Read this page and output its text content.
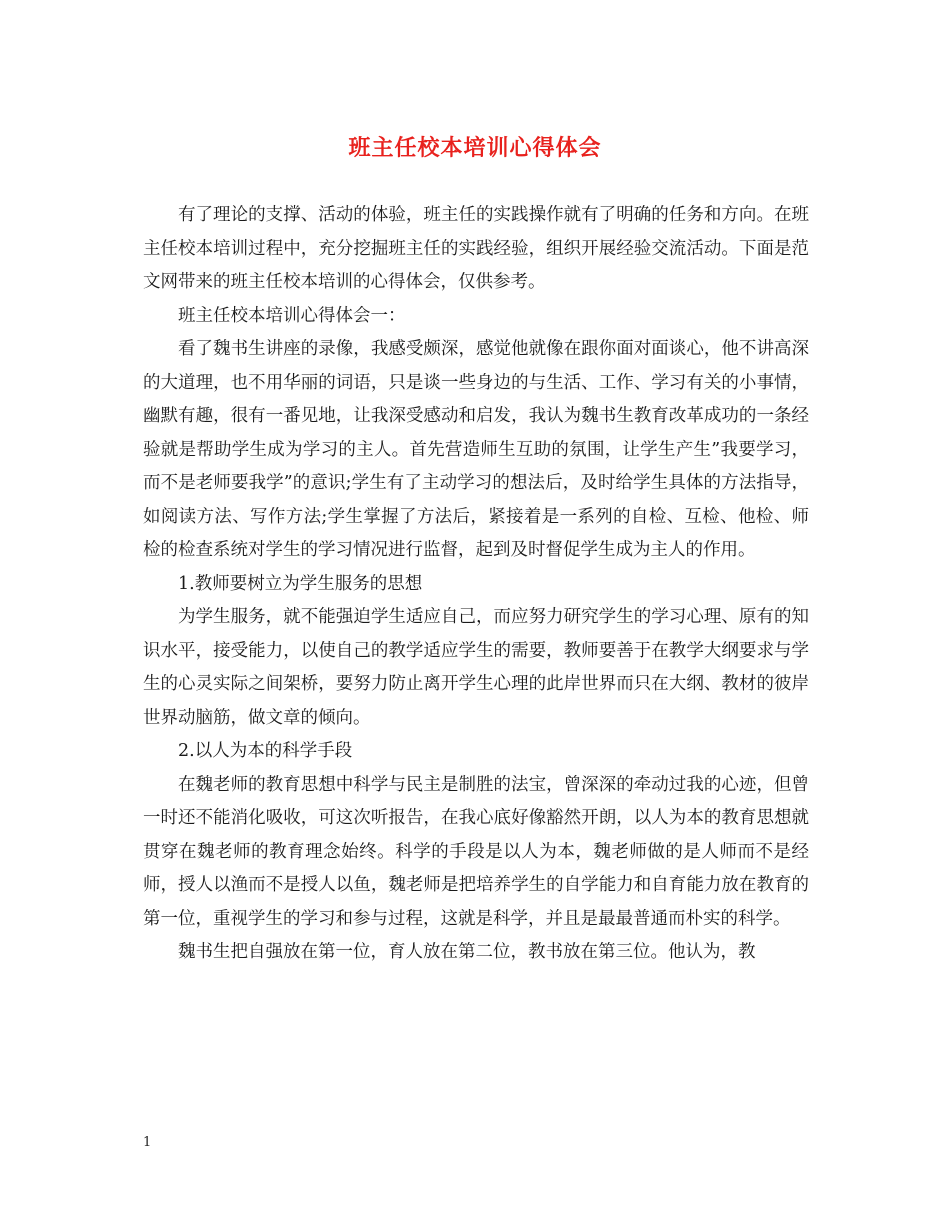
班主任校本培训心得体会

有了理论的支撑、活动的体验，班主任的实践操作就有了明确的任务和方向。在班主任校本培训过程中，充分挖掘班主任的实践经验，组织开展经验交流活动。下面是范文网带来的班主任校本培训的心得体会，仅供参考。

班主任校本培训心得体会一：

看了魏书生讲座的录像，我感受颇深，感觉他就像在跟你面对面谈心，他不讲高深的大道理，也不用华丽的词语，只是谈一些身边的与生活、工作、学习有关的小事情，幽默有趣，很有一番见地，让我深受感动和启发，我认为魏书生教育改革成功的一条经验就是帮助学生成为学习的主人。首先营造师生互助的氛围，让学生产生”我要学习，而不是老师要我学”的意识;学生有了主动学习的想法后，及时给学生具体的方法指导，如阅读方法、写作方法;学生掌握了方法后，紧接着是一系列的自检、互检、他检、师检的检查系统对学生的学习情况进行监督，起到及时督促学生成为主人的作用。

1.教师要树立为学生服务的思想

为学生服务，就不能强迫学生适应自己，而应努力研究学生的学习心理、原有的知识水平，接受能力，以使自己的教学适应学生的需要，教师要善于在教学大纲要求与学生的心灵实际之间架桥，要努力防止离开学生心理的此岸世界而只在大纲、教材的彼岸世界动脑筋，做文章的倾向。

2.以人为本的科学手段

在魏老师的教育思想中科学与民主是制胜的法宝，曾深深的牵动过我的心迹，但曾一时还不能消化吸收，可这次听报告，在我心底好像豁然开朗，以人为本的教育思想就贯穿在魏老师的教育理念始终。科学的手段是以人为本，魏老师做的是人师而不是经师，授人以渔而不是授人以鱼，魏老师是把培养学生的自学能力和自育能力放在教育的第一位，重视学生的学习和参与过程，这就是科学，并且是最最普通而朴实的科学。

魏书生把自强放在第一位，育人放在第二位，教书放在第三位。他认为，教

1
